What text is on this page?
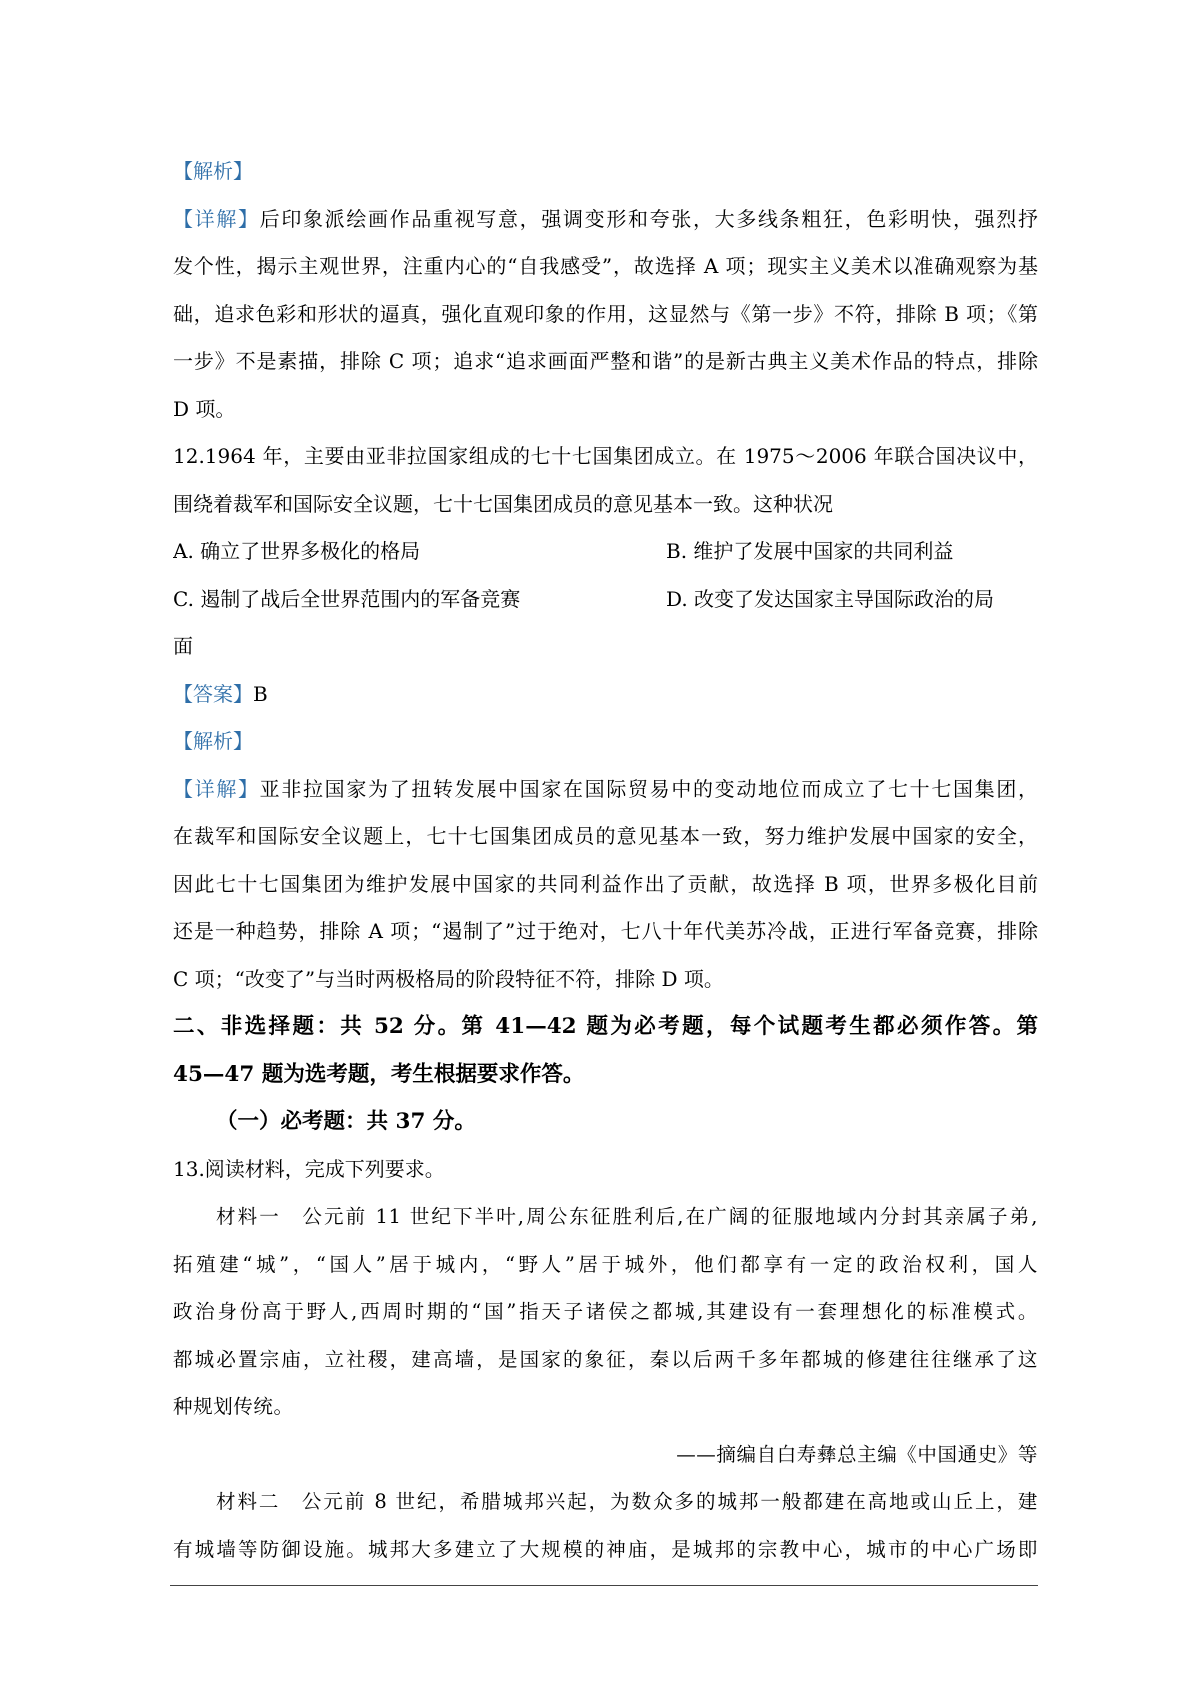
【解析】
【详解】后印象派绘画作品重视写意，强调变形和夸张，大多线条粗狂，色彩明快，强烈抒
发个性，揭示主观世界，注重内心的“自我感受”，故选择 A 项；现实主义美术以准确观察为基
础，追求色彩和形状的逼真，强化直观印象的作用，这显然与《第一步》不符，排除 B 项；《第
一步》不是素描，排除 C 项；追求“追求画面严整和谐”的是新古典主义美术作品的特点，排除
D 项。
12.1964 年，主要由亚非拉国家组成的七十七国集团成立。在 1975～2006 年联合国决议中，
围绕着裁军和国际安全议题，七十七国集团成员的意见基本一致。这种状况
A. 确立了世界多极化的格局	B. 维护了发展中国家的共同利益
C. 遏制了战后全世界范围内的军备竞赛	D. 改变了发达国家主导国际政治的局
面
【答案】B
【解析】
【详解】亚非拉国家为了扭转发展中国家在国际贸易中的变动地位而成立了七十七国集团，
在裁军和国际安全议题上，七十七国集团成员的意见基本一致，努力维护发展中国家的安全，
因此七十七国集团为维护发展中国家的共同利益作出了贡献，故选择 B 项，世界多极化目前
还是一种趋势，排除 A 项；“遏制了”过于绝对，七八十年代美苏冷战，正进行军备竞赛，排除
C 项；“改变了”与当时两极格局的阶段特征不符，排除 D 项。
二、非选择题：共 52 分。第 41—42 题为必考题，每个试题考生都必须作答。第
45—47 题为选考题，考生根据要求作答。
（一）必考题：共 37 分。
13.阅读材料，完成下列要求。
材料一　公元前 11 世纪下半叶,周公东征胜利后,在广阔的征服地域内分封其亲属子弟,
拓殖建“城”，“国人”居于城内，“野人”居于城外，他们都享有一定的政治权利，国人
政治身份高于野人,西周时期的“国”指天子诸侯之都城,其建设有一套理想化的标准模式。
都城必置宗庙，立社稷，建高墙，是国家的象征，秦以后两千多年都城的修建往往继承了这
种规划传统。
——摘编自白寿彝总主编《中国通史》等
材料二　公元前 8 世纪，希腊城邦兴起，为数众多的城邦一般都建在高地或山丘上，建
有城墙等防御设施。城邦大多建立了大规模的神庙，是城邦的宗教中心，城市的中心广场即
